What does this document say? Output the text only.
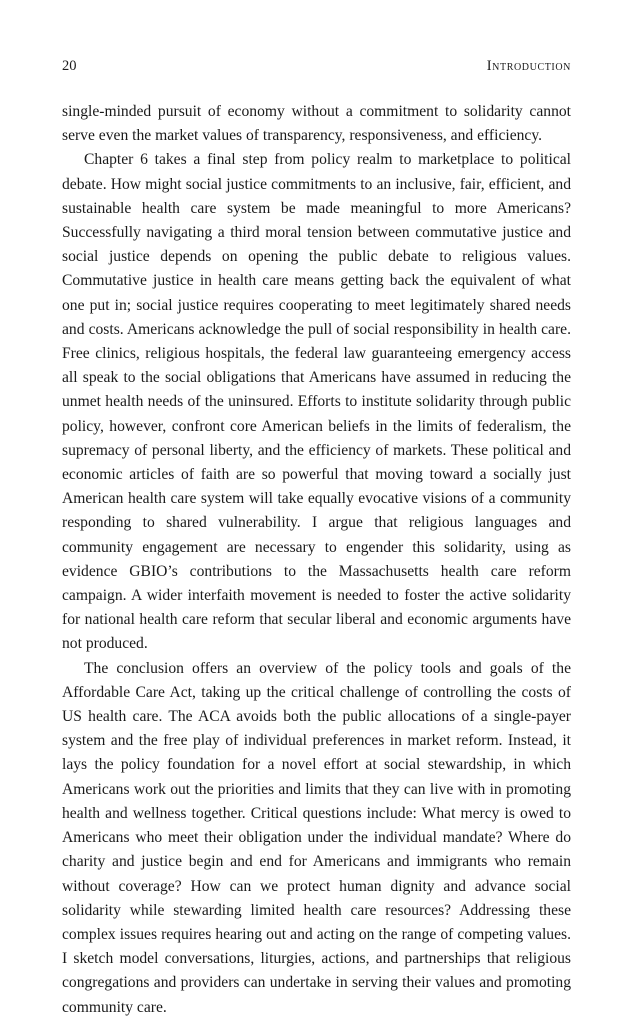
20	Introduction

single-minded pursuit of economy without a commitment to solidarity cannot serve even the market values of transparency, responsiveness, and efficiency.

Chapter 6 takes a final step from policy realm to marketplace to political debate. How might social justice commitments to an inclusive, fair, efficient, and sustainable health care system be made meaningful to more Americans? Successfully navigating a third moral tension between commutative justice and social justice depends on opening the public debate to religious values. Commutative justice in health care means getting back the equivalent of what one put in; social justice requires cooperating to meet legitimately shared needs and costs. Americans acknowledge the pull of social responsibility in health care. Free clinics, religious hospitals, the federal law guaranteeing emergency access all speak to the social obligations that Americans have assumed in reducing the unmet health needs of the uninsured. Efforts to institute solidarity through public policy, however, confront core American beliefs in the limits of federalism, the supremacy of personal liberty, and the efficiency of markets. These political and economic articles of faith are so powerful that moving toward a socially just American health care system will take equally evocative visions of a community responding to shared vulnerability. I argue that religious languages and community engagement are necessary to engender this solidarity, using as evidence GBIO’s contributions to the Massachusetts health care reform campaign. A wider interfaith movement is needed to foster the active solidarity for national health care reform that secular liberal and economic arguments have not produced.

The conclusion offers an overview of the policy tools and goals of the Affordable Care Act, taking up the critical challenge of controlling the costs of US health care. The ACA avoids both the public allocations of a single-payer system and the free play of individual preferences in market reform. Instead, it lays the policy foundation for a novel effort at social stewardship, in which Americans work out the priorities and limits that they can live with in promoting health and wellness together. Critical questions include: What mercy is owed to Americans who meet their obligation under the individual mandate? Where do charity and justice begin and end for Americans and immigrants who remain without coverage? How can we protect human dignity and advance social solidarity while stewarding limited health care resources? Addressing these complex issues requires hearing out and acting on the range of competing values. I sketch model conversations, liturgies, actions, and partnerships that religious congregations and providers can undertake in serving their values and promoting community care.
